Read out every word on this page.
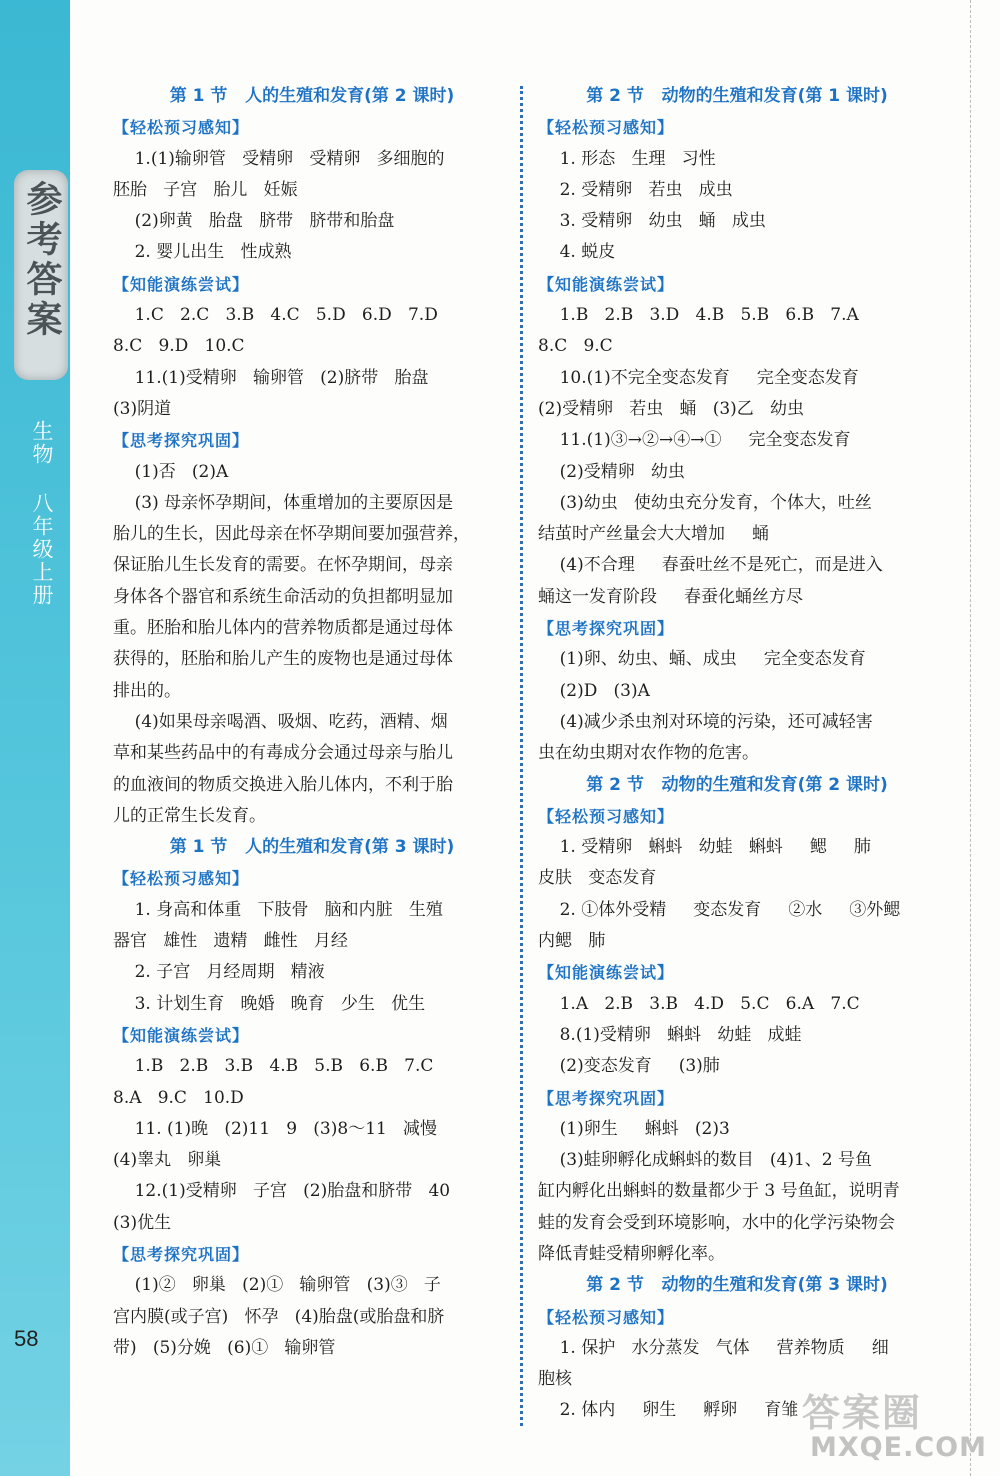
参考答案
生物 八年级上册
58
第 1 节   人的生殖和发育(第 2 课时)
【轻松预习感知】
1.(1)输卵管   受精卵   受精卵   多细胞的
胚胎   子宫   胎儿   妊娠
(2)卵黄   胎盘   脐带   脐带和胎盘
2. 婴儿出生   性成熟
【知能演练尝试】
1.C   2.C   3.B   4.C   5.D   6.D   7.D
8.C   9.D   10.C
11.(1)受精卵   输卵管   (2)脐带   胎盘
(3)阴道
【思考探究巩固】
(1)否   (2)A
(3) 母亲怀孕期间，体重增加的主要原因是
胎儿的生长，因此母亲在怀孕期间要加强营养，
保证胎儿生长发育的需要。在怀孕期间，母亲
身体各个器官和系统生命活动的负担都明显加
重。胚胎和胎儿体内的营养物质都是通过母体
获得的，胚胎和胎儿产生的废物也是通过母体
排出的。
(4)如果母亲喝酒、吸烟、吃药，酒精、烟
草和某些药品中的有毒成分会通过母亲与胎儿
的血液间的物质交换进入胎儿体内，不利于胎
儿的正常生长发育。
第 1 节   人的生殖和发育(第 3 课时)
【轻松预习感知】
1. 身高和体重   下肢骨   脑和内脏   生殖
器官   雄性   遗精   雌性   月经
2. 子宫   月经周期   精液
3. 计划生育   晚婚   晚育   少生   优生
【知能演练尝试】
1.B   2.B   3.B   4.B   5.B   6.B   7.C
8.A   9.C   10.D
11. (1)晚   (2)11   9   (3)8～11   减慢
(4)睾丸   卵巢
12.(1)受精卵   子宫   (2)胎盘和脐带   40
(3)优生
【思考探究巩固】
(1)②   卵巢   (2)①   输卵管   (3)③   子
宫内膜(或子宫)   怀孕   (4)胎盘(或胎盘和脐
带)   (5)分娩   (6)①   输卵管
第 2 节   动物的生殖和发育(第 1 课时)
【轻松预习感知】
1. 形态   生理   习性
2. 受精卵   若虫   成虫
3. 受精卵   幼虫   蛹   成虫
4. 蜕皮
【知能演练尝试】
1.B   2.B   3.D   4.B   5.B   6.B   7.A
8.C   9.C
10.(1)不完全变态发育     完全变态发育
(2)受精卵   若虫   蛹   (3)乙   幼虫
11.(1)③→②→④→①     完全变态发育
(2)受精卵   幼虫
(3)幼虫   使幼虫充分发育，个体大，吐丝
结茧时产丝量会大大增加     蛹
(4)不合理     春蚕吐丝不是死亡，而是进入
蛹这一发育阶段     春蚕化蛹丝方尽
【思考探究巩固】
(1)卵、幼虫、蛹、成虫     完全变态发育
(2)D   (3)A
(4)减少杀虫剂对环境的污染，还可减轻害
虫在幼虫期对农作物的危害。
第 2 节   动物的生殖和发育(第 2 课时)
【轻松预习感知】
1. 受精卵   蝌蚪   幼蛙   蝌蚪     鳃     肺
皮肤   变态发育
2. ①体外受精     变态发育     ②水     ③外鳃
内鳃   肺
【知能演练尝试】
1.A   2.B   3.B   4.D   5.C   6.A   7.C
8.(1)受精卵   蝌蚪   幼蛙   成蛙
(2)变态发育     (3)肺
【思考探究巩固】
(1)卵生     蝌蚪   (2)3
(3)蛙卵孵化成蝌蚪的数目   (4)1、2 号鱼
缸内孵化出蝌蚪的数量都少于 3 号鱼缸，说明青
蛙的发育会受到环境影响，水中的化学污染物会
降低青蛙受精卵孵化率。
第 2 节   动物的生殖和发育(第 3 课时)
【轻松预习感知】
1. 保护   水分蒸发   气体     营养物质     细
胞核
2. 体内     卵生     孵卵     育雏 答案圈
MXQE.COM
